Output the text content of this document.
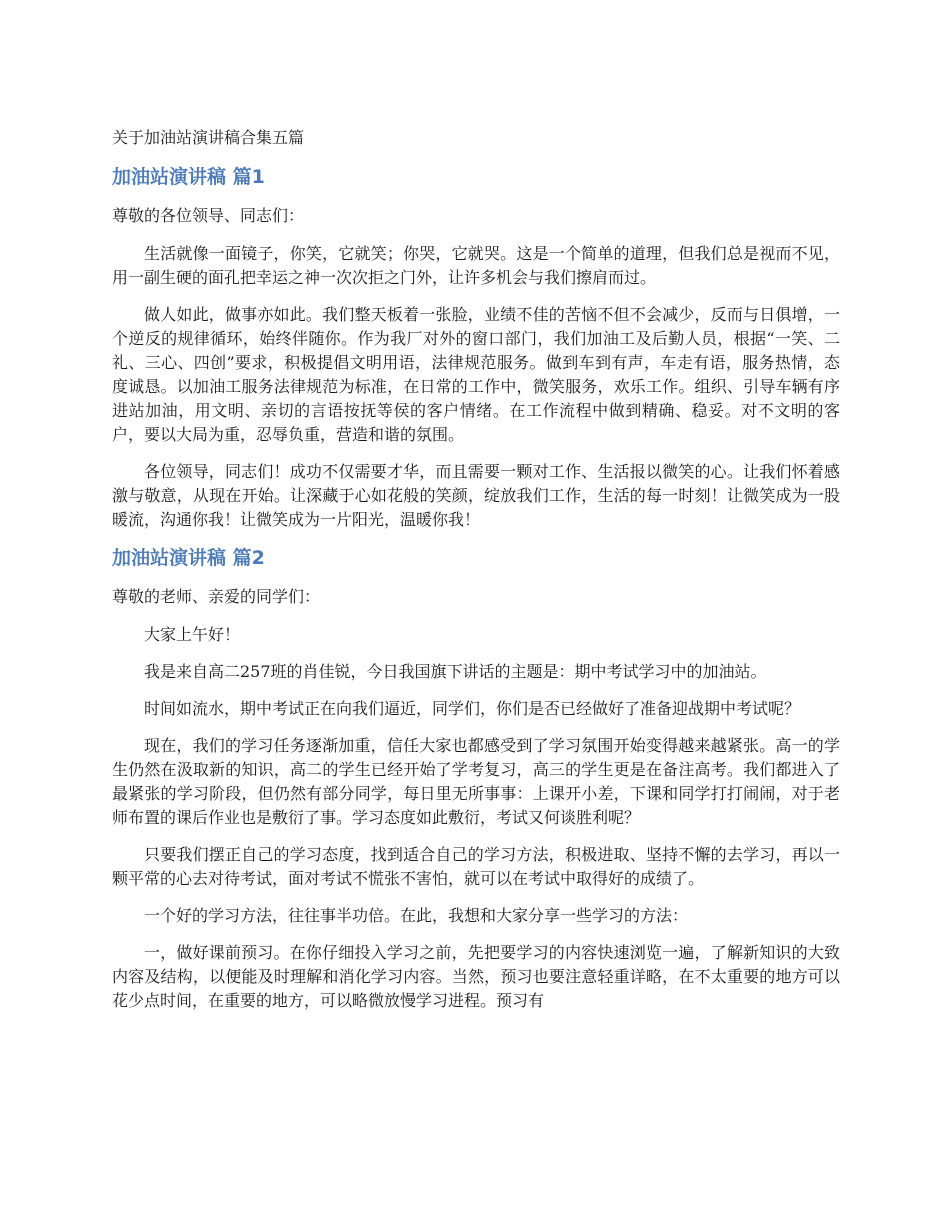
关于加油站演讲稿合集五篇
加油站演讲稿 篇1

尊敬的各位领导、同志们：

生活就像一面镜子，你笑，它就笑；你哭，它就哭。这是一个简单的道理，但我们总是视而不见，用一副生硬的面孔把幸运之神一次次拒之门外，让许多机会与我们擦肩而过。

做人如此，做事亦如此。我们整天板着一张脸，业绩不佳的苦恼不但不会减少，反而与日俱增，一个逆反的规律循环，始终伴随你。作为我厂对外的窗口部门，我们加油工及后勤人员，根据“一笑、二礼、三心、四创”要求，积极提倡文明用语，法律规范服务。做到车到有声，车走有语，服务热情，态度诚恳。以加油工服务法律规范为标准，在日常的工作中，微笑服务，欢乐工作。组织、引导车辆有序进站加油，用文明、亲切的言语按抚等侯的客户情绪。在工作流程中做到精确、稳妥。对不文明的客户，要以大局为重，忍辱负重，营造和谐的氛围。

各位领导，同志们！成功不仅需要才华，而且需要一颗对工作、生活报以微笑的心。让我们怀着感激与敬意，从现在开始。让深藏于心如花般的笑颜，绽放我们工作，生活的每一时刻！让微笑成为一股暖流，沟通你我！让微笑成为一片阳光，温暖你我！

加油站演讲稿 篇2

尊敬的老师、亲爱的同学们：

大家上午好！

我是来自高二257班的肖佳锐，今日我国旗下讲话的主题是：期中考试学习中的加油站。

时间如流水，期中考试正在向我们逼近，同学们，你们是否已经做好了准备迎战期中考试呢？

现在，我们的学习任务逐渐加重，信任大家也都感受到了学习氛围开始变得越来越紧张。高一的学生仍然在汲取新的知识，高二的学生已经开始了学考复习，高三的学生更是在备注高考。我们都进入了最紧张的学习阶段，但仍然有部分同学，每日里无所事事：上课开小差，下课和同学打打闹闹，对于老师布置的课后作业也是敷衍了事。学习态度如此敷衍，考试又何谈胜利呢？

只要我们摆正自己的学习态度，找到适合自己的学习方法，积极进取、坚持不懈的去学习，再以一颗平常的心去对待考试，面对考试不慌张不害怕，就可以在考试中取得好的成绩了。

一个好的学习方法，往往事半功倍。在此，我想和大家分享一些学习的方法：

一，做好课前预习。在你仔细投入学习之前，先把要学习的内容快速浏览一遍，了解新知识的大致内容及结构，以便能及时理解和消化学习内容。当然，预习也要注意轻重详略，在不太重要的地方可以花少点时间，在重要的地方，可以略微放慢学习进程。预习有
